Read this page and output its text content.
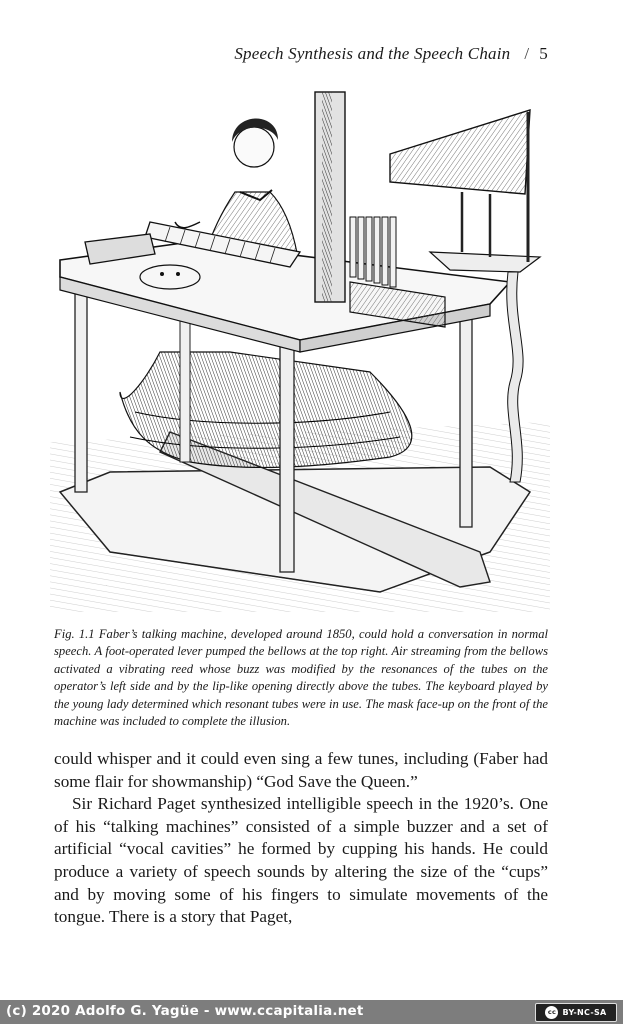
Speech Synthesis and the Speech Chain / 5
Fig. 1.1 Faber’s talking machine, developed around 1850, could hold a conversation in normal speech. A foot-operated lever pumped the bellows at the top right. Air streaming from the bellows activated a vibrating reed whose buzz was modified by the resonances of the tubes on the operator’s left side and by the lip-like opening directly above the tubes. The keyboard played by the young lady determined which resonant tubes were in use. The mask face-up on the front of the machine was included to complete the illusion.

could whisper and it could even sing a few tunes, including (Faber had some flair for showmanship) “God Save the Queen.”

Sir Richard Paget synthesized intelligible speech in the 1920’s. One of his “talking machines” consisted of a simple buzzer and a set of artificial “vocal cavities” he formed by cupping his hands. He could produce a variety of speech sounds by altering the size of the “cups” and by moving some of his fingers to simulate movements of the tongue. There is a story that Paget,

(c) 2020 Adolfo G. Yagüe - www.ccapitalia.net	cc BY-NC-SA
